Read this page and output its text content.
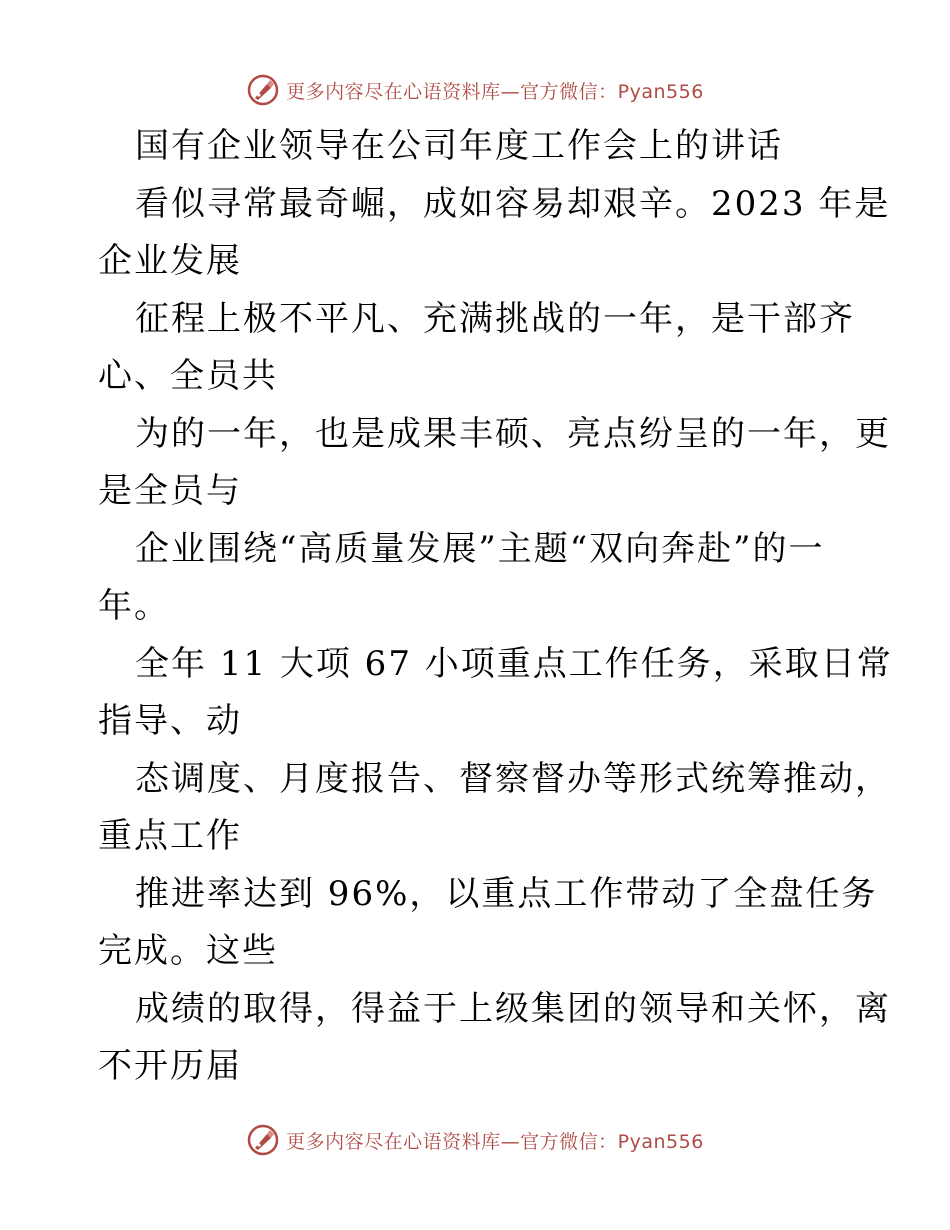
更多内容尽在心语资料库—官方微信：Pyan556
国有企业领导在公司年度工作会上的讲话
看似寻常最奇崛，成如容易却艰辛。2023 年是
企业发展
征程上极不平凡、充满挑战的一年，是干部齐
心、全员共
为的一年，也是成果丰硕、亮点纷呈的一年，更
是全员与
企业围绕“高质量发展”主题“双向奔赴”的一
年。
全年 11 大项 67 小项重点工作任务，采取日常
指导、动
态调度、月度报告、督察督办等形式统筹推动，
重点工作
推进率达到 96%，以重点工作带动了全盘任务
完成。这些
成绩的取得，得益于上级集团的领导和关怀，离
不开历届
更多内容尽在心语资料库—官方微信：Pyan556
